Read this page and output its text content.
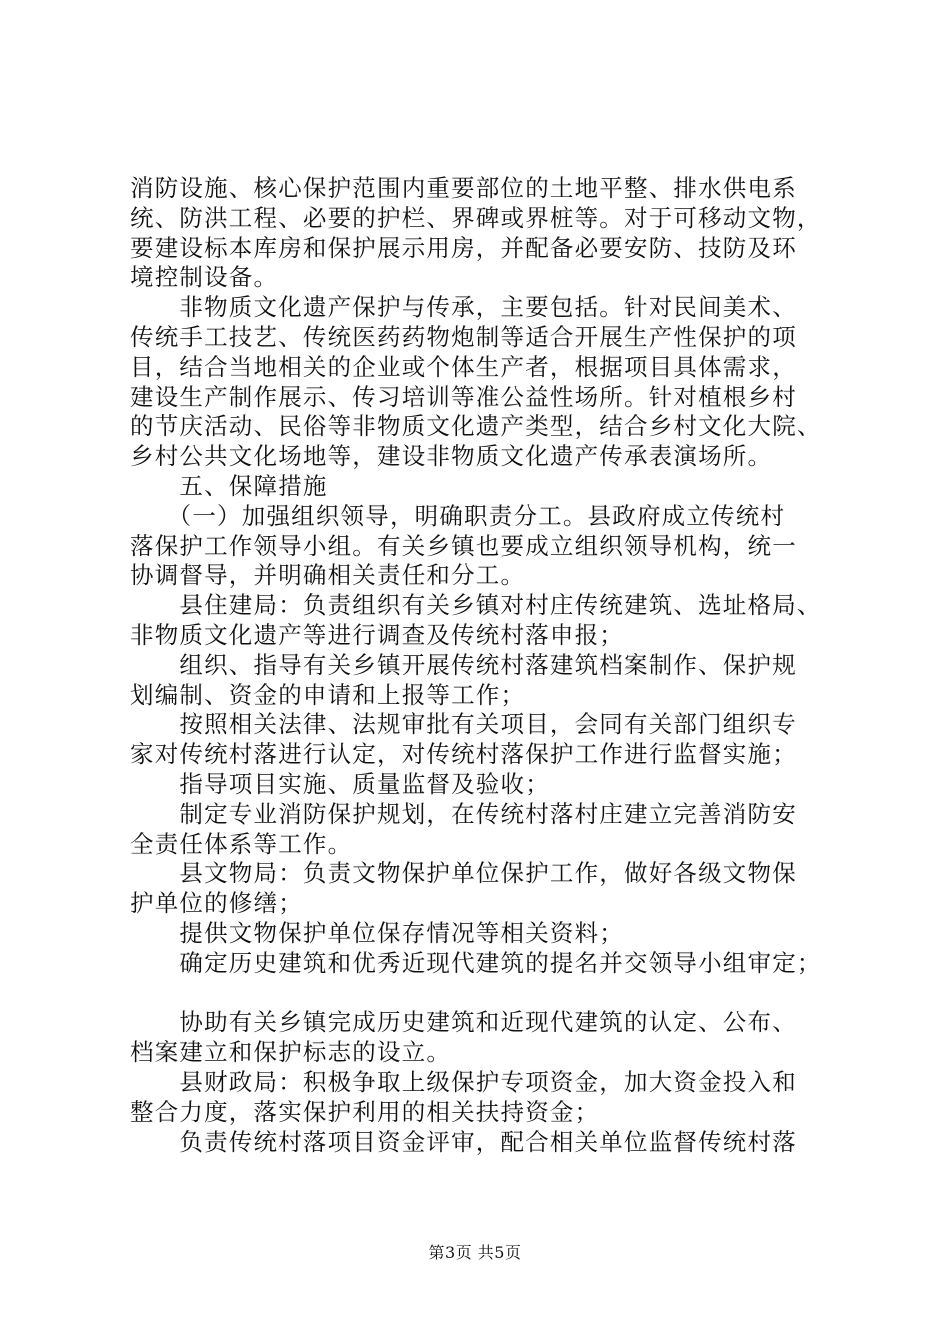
消防设施、核心保护范围内重要部位的土地平整、排水供电系
统、防洪工程、必要的护栏、界碑或界桩等。对于可移动文物，
要建设标本库房和保护展示用房，并配备必要安防、技防及环
境控制设备。
　　非物质文化遗产保护与传承，主要包括。针对民间美术、
传统手工技艺、传统医药药物炮制等适合开展生产性保护的项
目，结合当地相关的企业或个体生产者，根据项目具体需求，
建设生产制作展示、传习培训等准公益性场所。针对植根乡村
的节庆活动、民俗等非物质文化遗产类型，结合乡村文化大院、
乡村公共文化场地等，建设非物质文化遗产传承表演场所。
　　五、保障措施
　　（一）加强组织领导，明确职责分工。县政府成立传统村
落保护工作领导小组。有关乡镇也要成立组织领导机构，统一
协调督导，并明确相关责任和分工。
　　县住建局：负责组织有关乡镇对村庄传统建筑、选址格局、
非物质文化遗产等进行调查及传统村落申报；
　　组织、指导有关乡镇开展传统村落建筑档案制作、保护规
划编制、资金的申请和上报等工作；
　　按照相关法律、法规审批有关项目，会同有关部门组织专
家对传统村落进行认定，对传统村落保护工作进行监督实施；
　　指导项目实施、质量监督及验收；
　　制定专业消防保护规划，在传统村落村庄建立完善消防安
全责任体系等工作。
　　县文物局：负责文物保护单位保护工作，做好各级文物保
护单位的修缮；
　　提供文物保护单位保存情况等相关资料；
　　确定历史建筑和优秀近现代建筑的提名并交领导小组审定；
　　协助有关乡镇完成历史建筑和近现代建筑的认定、公布、
档案建立和保护标志的设立。
　　县财政局：积极争取上级保护专项资金，加大资金投入和
整合力度，落实保护利用的相关扶持资金；
　　负责传统村落项目资金评审，配合相关单位监督传统村落
第3页 共5页
